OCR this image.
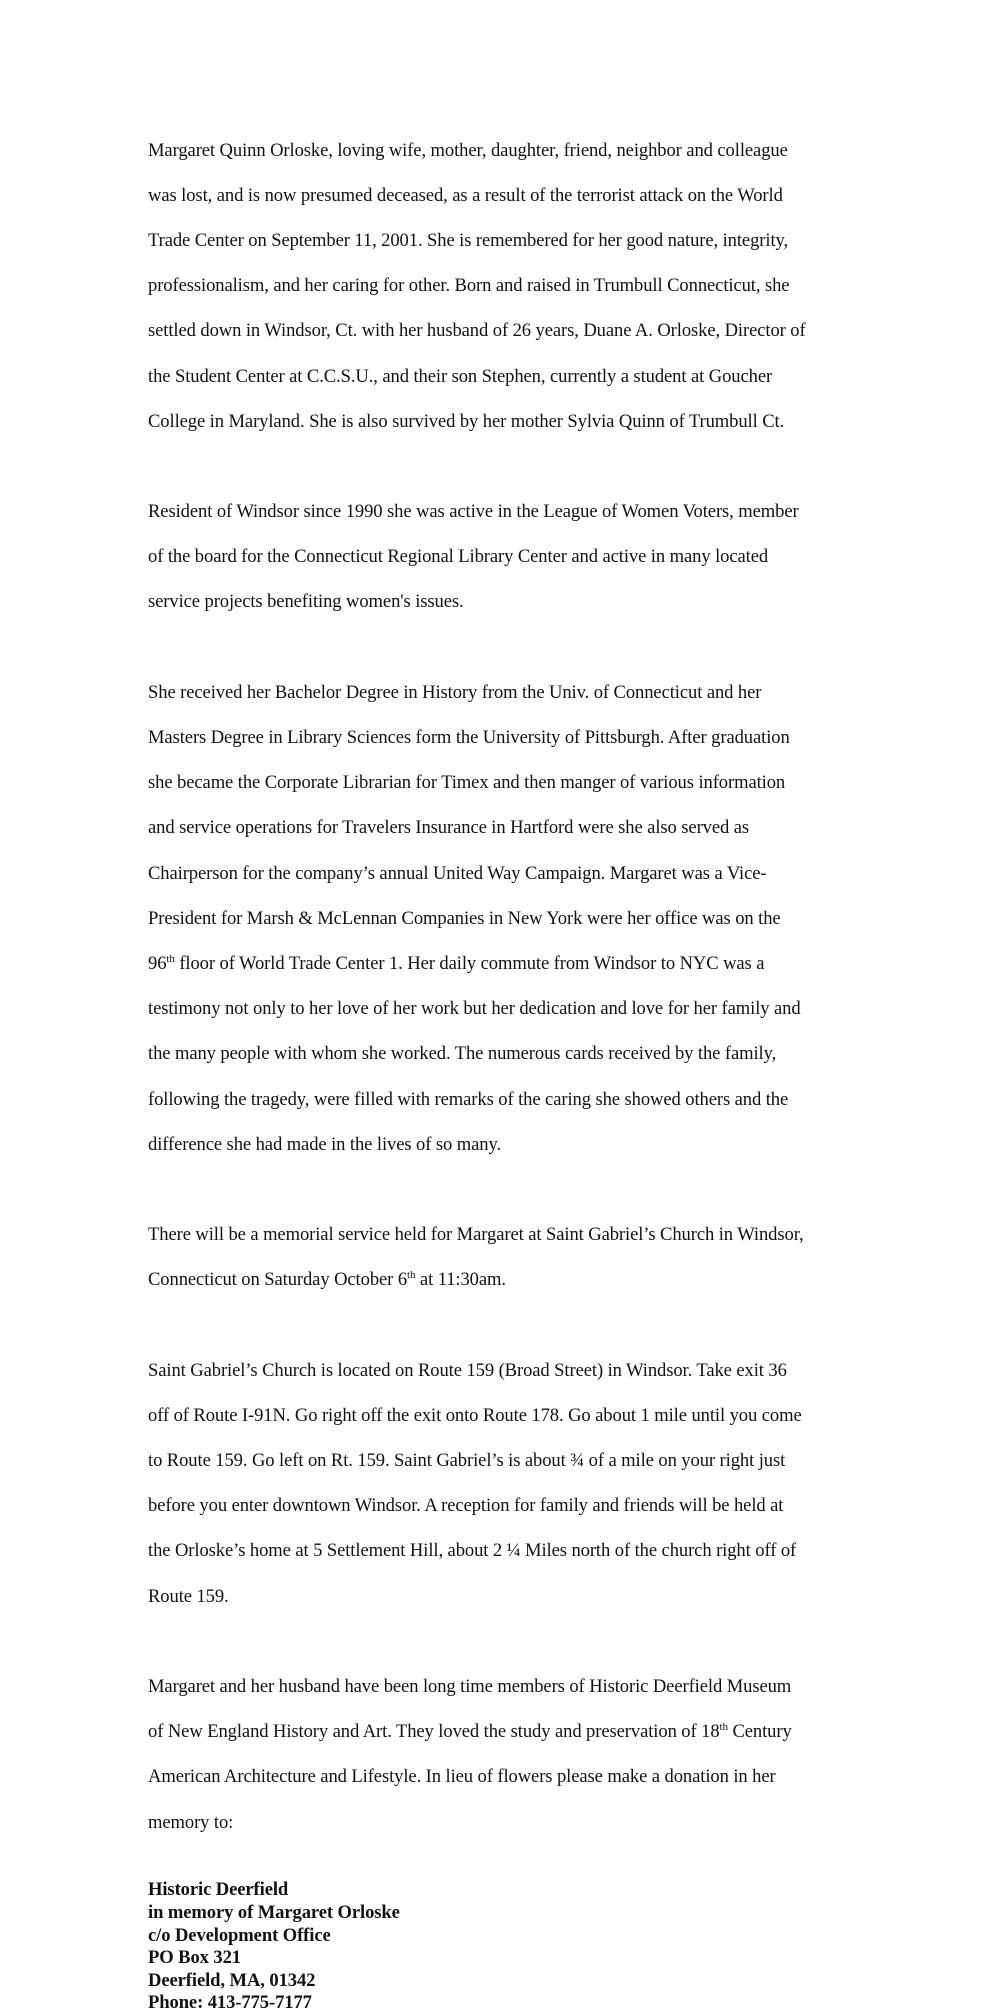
Margaret Quinn Orloske, loving wife, mother, daughter, friend, neighbor and colleague

was lost, and is now presumed deceased, as a result of the terrorist attack on the World

Trade Center on September 11, 2001. She is remembered for her good nature, integrity,

professionalism, and her caring for other. Born and raised in Trumbull Connecticut, she

settled down in Windsor, Ct. with her husband of 26 years, Duane A. Orloske, Director of

the Student Center at C.C.S.U., and their son Stephen, currently a student at Goucher

College in Maryland. She is also survived by her mother Sylvia Quinn of Trumbull Ct.

Resident of Windsor since 1990 she was active in the League of Women Voters, member

of the board for the Connecticut Regional Library Center and active in many located

service projects benefiting women's issues.

She received her Bachelor Degree in History from the Univ. of Connecticut and her

Masters Degree in Library Sciences form the University of Pittsburgh. After graduation

she became the Corporate Librarian for Timex and then manger of various information

and service operations for Travelers Insurance in Hartford were she also served as

Chairperson for the company’s annual United Way Campaign. Margaret was a Vice-

President for Marsh & McLennan Companies in New York were her office was on the

96th floor of World Trade Center 1. Her daily commute from Windsor to NYC was a

testimony not only to her love of her work but her dedication and love for her family and

the many people with whom she worked. The numerous cards received by the family,

following the tragedy, were filled with remarks of the caring she showed others and the

difference she had made in the lives of so many.

There will be a memorial service held for Margaret at Saint Gabriel’s Church in Windsor,

Connecticut on Saturday October 6th at 11:30am.

Saint Gabriel’s Church is located on Route 159 (Broad Street) in Windsor. Take exit 36

off of Route I-91N. Go right off the exit onto Route 178. Go about 1 mile until you come

to Route 159. Go left on Rt. 159. Saint Gabriel’s is about ¾ of a mile on your right just

before you enter downtown Windsor. A reception for family and friends will be held at

the Orloske’s home at 5 Settlement Hill, about 2 ¼ Miles north of the church right off of

Route 159.

Margaret and her husband have been long time members of Historic Deerfield Museum

of New England History and Art. They loved the study and preservation of 18th Century

American Architecture and Lifestyle. In lieu of flowers please make a donation in her

memory to:

Historic Deerfield
in memory of Margaret Orloske
c/o Development Office
PO Box 321
Deerfield, MA, 01342
Phone: 413-775-7177
